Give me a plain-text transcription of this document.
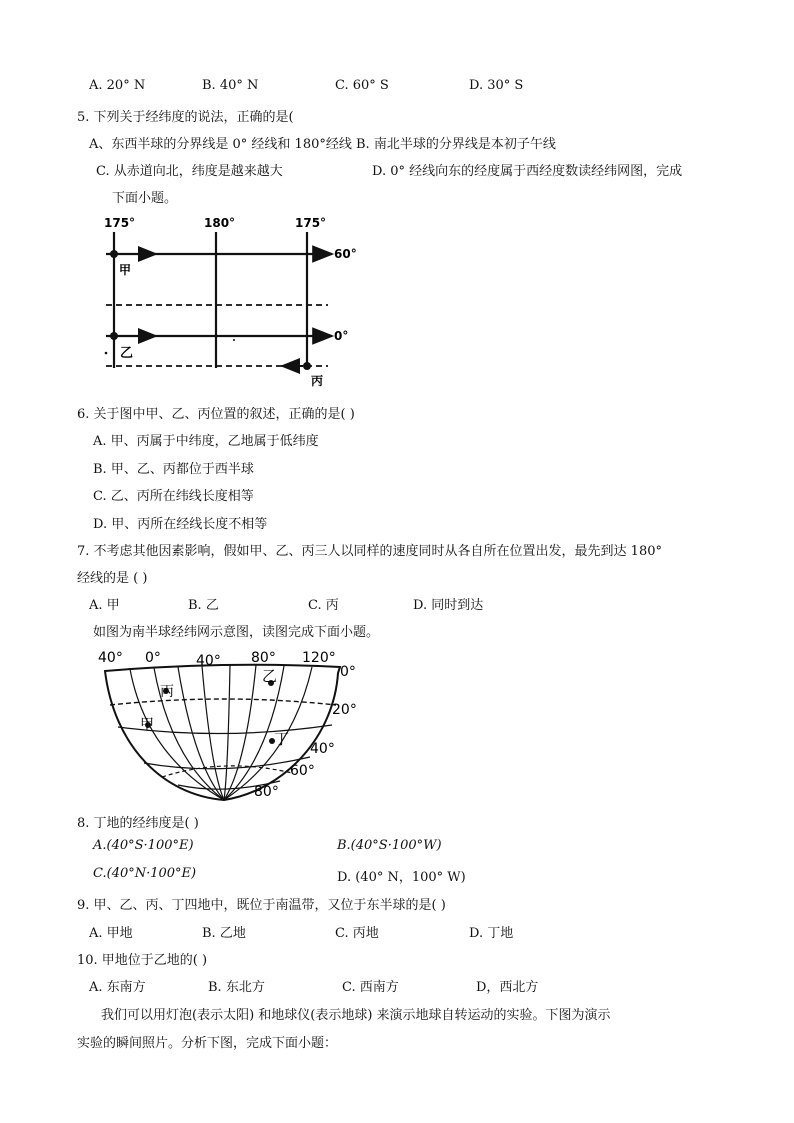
A. 20° N	B. 40° N	C. 60° S	D. 30° S
5. 下列关于经纬度的说法，正确的是(
A、东西半球的分界线是 0° 经线和 180°经线 B. 南北半球的分界线是本初子午线
C. 从赤道向北，纬度是越来越大	D. 0° 经线向东的经度属于西经度数读经纬网图，完成
下面小题。
175°	180°	175°
60°
0°
甲
乙
丙
6. 关于图中甲、乙、丙位置的叙述，正确的是( )
A. 甲、丙属于中纬度，乙地属于低纬度
B. 甲、乙、丙都位于西半球
C. 乙、丙所在纬线长度相等
D. 甲、丙所在经线长度不相等
7. 不考虑其他因素影响，假如甲、乙、丙三人以同样的速度同时从各自所在位置出发，最先到达 180°
经线的是 ( )
A. 甲	B. 乙	C. 丙	D. 同时到达
如图为南半球经纬网示意图，读图完成下面小题。
40° 0°	40° 80° 120°
0°
20°
40°
60°
80°
丙
乙
甲
丁
8. 丁地的经纬度是( )
A.(40°S·100°E)	B.(40°S·100°W)
C.(40°N·100°E)	D. (40° N，100° W)
9. 甲、乙、丙、丁四地中，既位于南温带，又位于东半球的是( )
A. 甲地	B. 乙地	C. 丙地	D. 丁地
10. 甲地位于乙地的( )
A. 东南方	B. 东北方	C. 西南方	D，西北方
我们可以用灯泡(表示太阳) 和地球仪(表示地球) 来演示地球自转运动的实验。下图为演示
实验的瞬间照片。分析下图，完成下面小题：
